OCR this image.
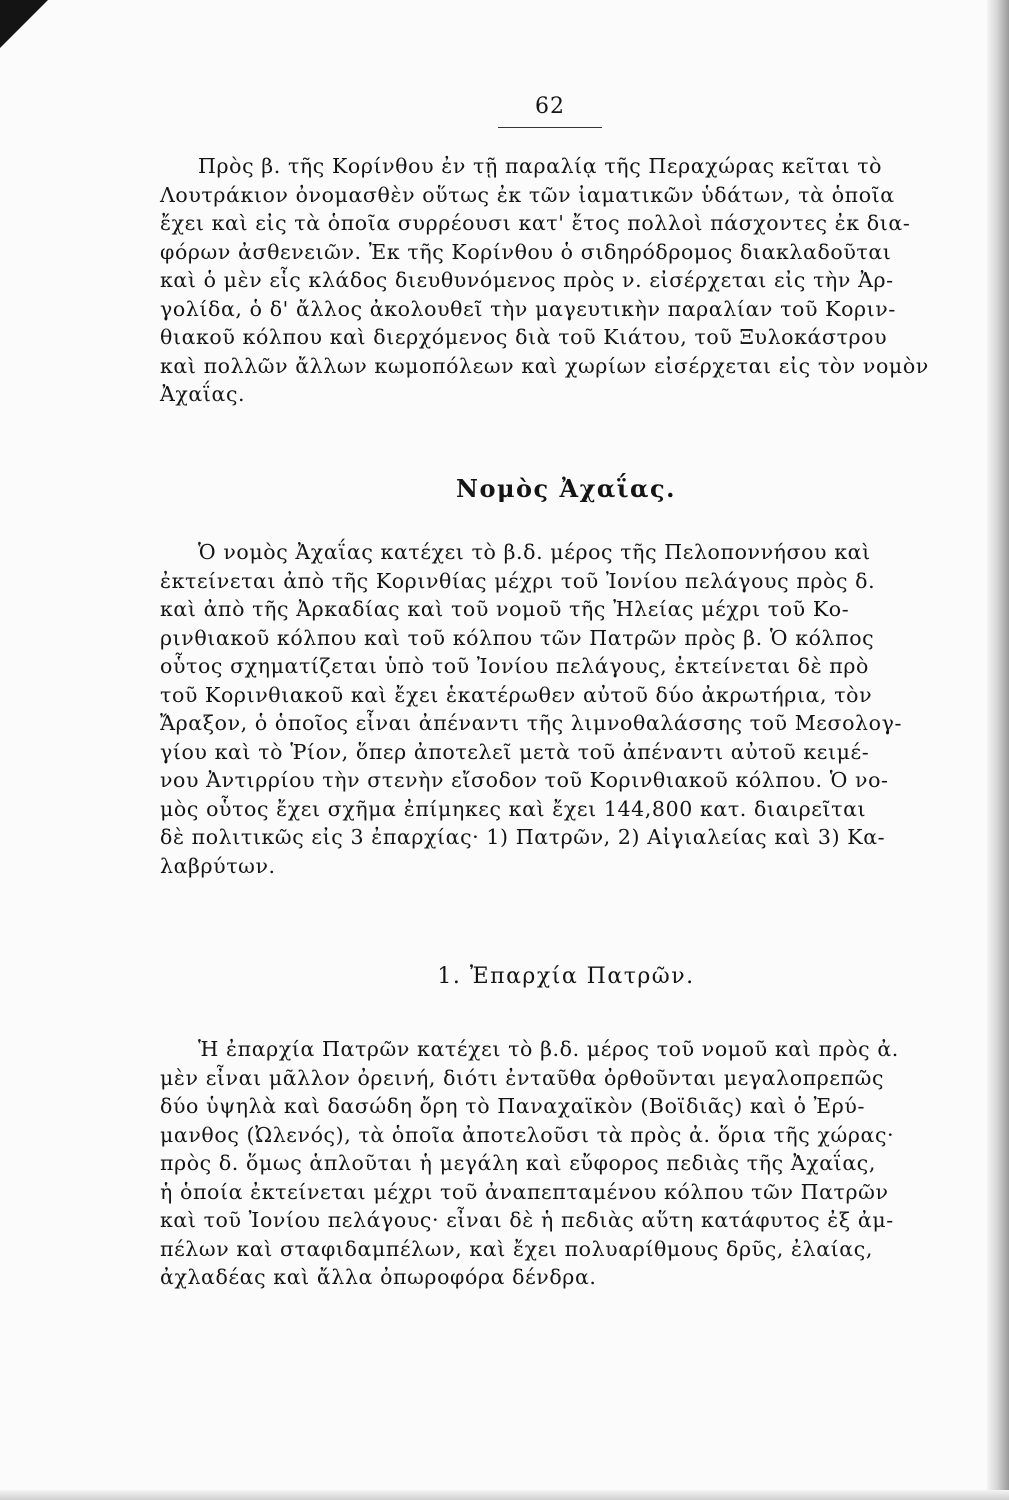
62

Πρὸς β. τῆς Κορίνθου ἐν τῇ παραλίᾳ τῆς Περαχώρας κεῖται τὸ
Λουτράκιον ὀνομασθὲν οὕτως ἐκ τῶν ἰαματικῶν ὑδάτων, τὰ ὁποῖα
ἔχει καὶ εἰς τὰ ὁποῖα συρρέουσι κατ' ἔτος πολλοὶ πάσχοντες ἐκ δια-
φόρων ἀσθενειῶν. Ἐκ τῆς Κορίνθου ὁ σιδηρόδρομος διακλαδοῦται
καὶ ὁ μὲν εἷς κλάδος διευθυνόμενος πρὸς ν. εἰσέρχεται εἰς τὴν Ἀρ-
γολίδα, ὁ δ' ἄλλος ἀκολουθεῖ τὴν μαγευτικὴν παραλίαν τοῦ Κοριν-
θιακοῦ κόλπου καὶ διερχόμενος διὰ τοῦ Κιάτου, τοῦ Ξυλοκάστρου
καὶ πολλῶν ἄλλων κωμοπόλεων καὶ χωρίων εἰσέρχεται εἰς τὸν νομὸν
Ἀχαΐας.

Νομὸς Ἀχαΐας.

Ὁ νομὸς Ἀχαΐας κατέχει τὸ β.δ. μέρος τῆς Πελοποννήσου καὶ
ἐκτείνεται ἀπὸ τῆς Κορινθίας μέχρι τοῦ Ἰονίου πελάγους πρὸς δ.
καὶ ἀπὸ τῆς Ἀρκαδίας καὶ τοῦ νομοῦ τῆς Ἠλείας μέχρι τοῦ Κο-
ρινθιακοῦ κόλπου καὶ τοῦ κόλπου τῶν Πατρῶν πρὸς β. Ὁ κόλπος
οὗτος σχηματίζεται ὑπὸ τοῦ Ἰονίου πελάγους, ἐκτείνεται δὲ πρὸ
τοῦ Κορινθιακοῦ καὶ ἔχει ἑκατέρωθεν αὐτοῦ δύο ἀκρωτήρια, τὸν
Ἄραξον, ὁ ὁποῖος εἶναι ἀπέναντι τῆς λιμνοθαλάσσης τοῦ Μεσολογ-
γίου καὶ τὸ Ῥίον, ὅπερ ἀποτελεῖ μετὰ τοῦ ἀπέναντι αὐτοῦ κειμέ-
νου Ἀντιρρίου τὴν στενὴν εἴσοδον τοῦ Κορινθιακοῦ κόλπου. Ὁ νο-
μὸς οὗτος ἔχει σχῆμα ἐπίμηκες καὶ ἔχει 144,800 κατ. διαιρεῖται
δὲ πολιτικῶς εἰς 3 ἐπαρχίας· 1) Πατρῶν, 2) Αἰγιαλείας καὶ 3) Κα-
λαβρύτων.

1. Ἐπαρχία Πατρῶν.

Ἡ ἐπαρχία Πατρῶν κατέχει τὸ β.δ. μέρος τοῦ νομοῦ καὶ πρὸς ἀ.
μὲν εἶναι μᾶλλον ὀρεινή, διότι ἐνταῦθα ὀρθοῦνται μεγαλοπρεπῶς
δύο ὑψηλὰ καὶ δασώδη ὄρη τὸ Παναχαϊκὸν (Βοϊδιᾶς) καὶ ὁ Ἐρύ-
μανθος (Ὠλενός), τὰ ὁποῖα ἀποτελοῦσι τὰ πρὸς ἀ. ὅρια τῆς χώρας·
πρὸς δ. ὅμως ἁπλοῦται ἡ μεγάλη καὶ εὔφορος πεδιὰς τῆς Ἀχαΐας,
ἡ ὁποία ἐκτείνεται μέχρι τοῦ ἀναπεπταμένου κόλπου τῶν Πατρῶν
καὶ τοῦ Ἰονίου πελάγους· εἶναι δὲ ἡ πεδιὰς αὕτη κατάφυτος ἐξ ἀμ-
πέλων καὶ σταφιδαμπέλων, καὶ ἔχει πολυαρίθμους δρῦς, ἐλαίας,
ἀχλαδέας καὶ ἄλλα ὀπωροφόρα δένδρα.
